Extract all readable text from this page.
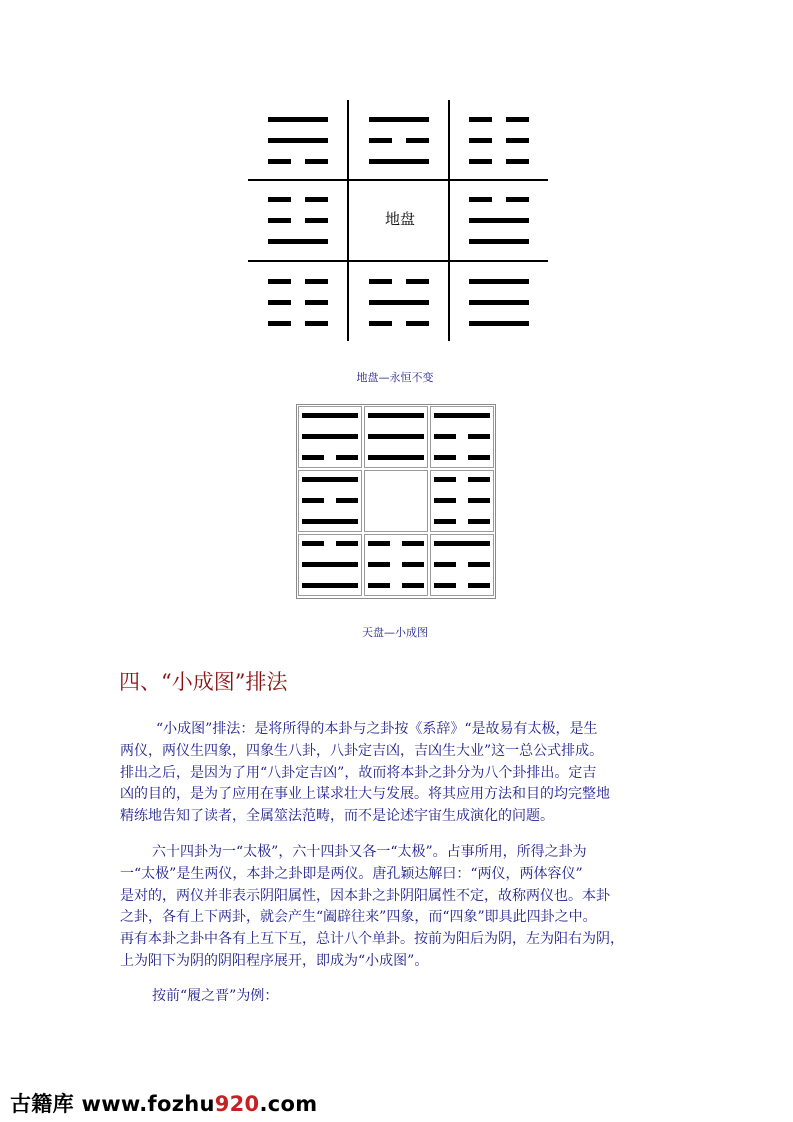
地盘
地盘—永恒不变
天盘—小成图
四、“小成图”排法
“小成图”排法：是将所得的本卦与之卦按《系辞》“是故易有太极，是生
两仪，两仪生四象，四象生八卦，八卦定吉凶，吉凶生大业”这一总公式排成。
排出之后，是因为了用“八卦定吉凶”，故而将本卦之卦分为八个卦排出。定吉
凶的目的，是为了应用在事业上谋求壮大与发展。将其应用方法和目的均完整地
精练地告知了读者，全属筮法范畴，而不是论述宇宙生成演化的问题。
六十四卦为一“太极”，六十四卦又各一“太极”。占事所用，所得之卦为
一“太极”是生两仪，本卦之卦即是两仪。唐孔颖达解曰：“两仪，两体容仪”
是对的，两仪并非表示阴阳属性，因本卦之卦阴阳属性不定，故称两仪也。本卦
之卦，各有上下两卦，就会产生“阖辟往来”四象，而“四象”即具此四卦之中。
再有本卦之卦中各有上互下互，总计八个单卦。按前为阳后为阴，左为阳右为阴，
上为阳下为阴的阴阳程序展开，即成为“小成图”。
按前“履之晋”为例：
古籍库 www.fozhu920.com
